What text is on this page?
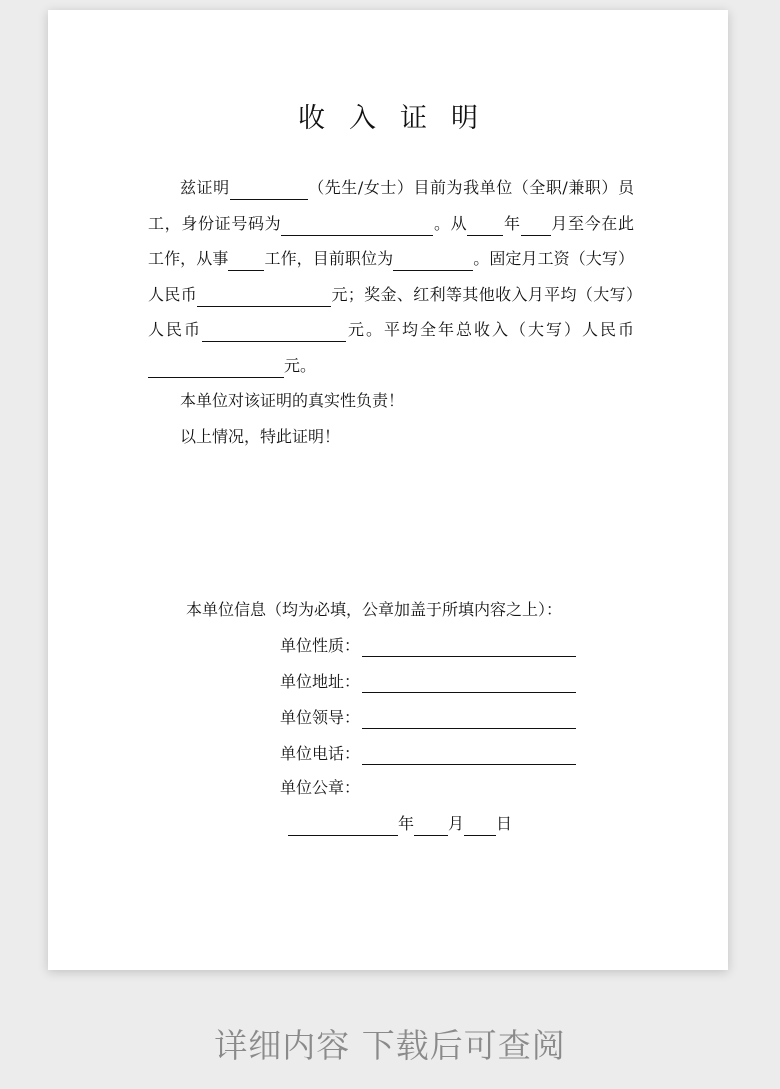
收入证明

兹证明	（先生/女士）目前为我单位（全职/兼职）员工，身份证号码为	。从 年 月至今在此工作，从事 工作，目前职位为	。固定月工资（大写）人民币	元；奖金、红利等其他收入月平均（大写）人民币	元。平均全年总收入（大写）人民币元。

本单位对该证明的真实性负责！

以上情况，特此证明！

本单位信息（均为必填，公章加盖于所填内容之上）：
单位性质：
单位地址：
单位领导：
单位电话：
单位公章：
年 月 日
详细内容 下载后可查阅
